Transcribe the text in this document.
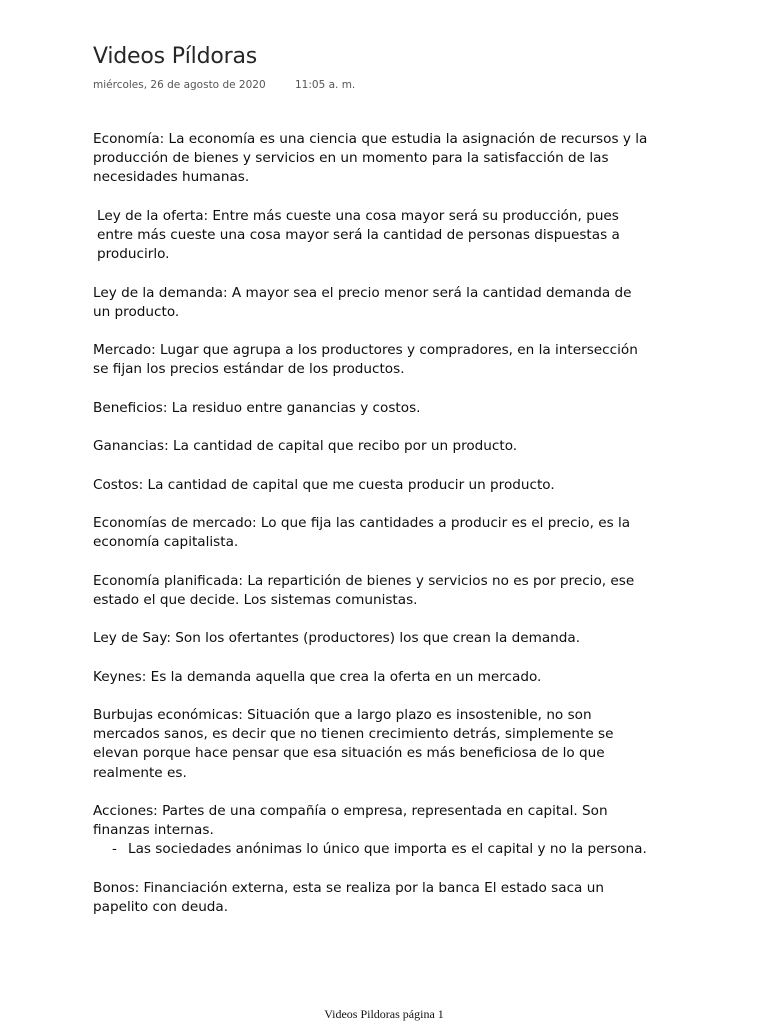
Videos Píldoras
miércoles, 26 de agosto de 2020	11:05 a. m.

Economía: La economía es una ciencia que estudia la asignación de recursos y la producción de bienes y servicios en un momento para la satisfacción de las necesidades humanas.

Ley de la oferta: Entre más cueste una cosa mayor será su producción, pues entre más cueste una cosa mayor será la cantidad de personas dispuestas a producirlo.

Ley de la demanda: A mayor sea el precio menor será la cantidad demanda de un producto.

Mercado: Lugar que agrupa a los productores y compradores, en la intersección se fijan los precios estándar de los productos.

Beneficios: La residuo entre ganancias y costos.

Ganancias: La cantidad de capital que recibo por un producto.

Costos: La cantidad de capital que me cuesta producir un producto.

Economías de mercado: Lo que fija las cantidades a producir es el precio, es la economía capitalista.

Economía planificada: La repartición de bienes y servicios no es por precio, ese estado el que decide. Los sistemas comunistas.

Ley de Say: Son los ofertantes (productores) los que crean la demanda.

Keynes: Es la demanda aquella que crea la oferta en un mercado.

Burbujas económicas: Situación que a largo plazo es insostenible, no son mercados sanos, es decir que no tienen crecimiento detrás, simplemente se elevan porque hace pensar que esa situación es más beneficiosa de lo que realmente es.

Acciones: Partes de una compañía o empresa, representada en capital. Son finanzas internas.

- Las sociedades anónimas lo único que importa es el capital y no la persona.

Bonos: Financiación externa, esta se realiza por la banca El estado saca un papelito con deuda.

Videos Pildoras página 1
